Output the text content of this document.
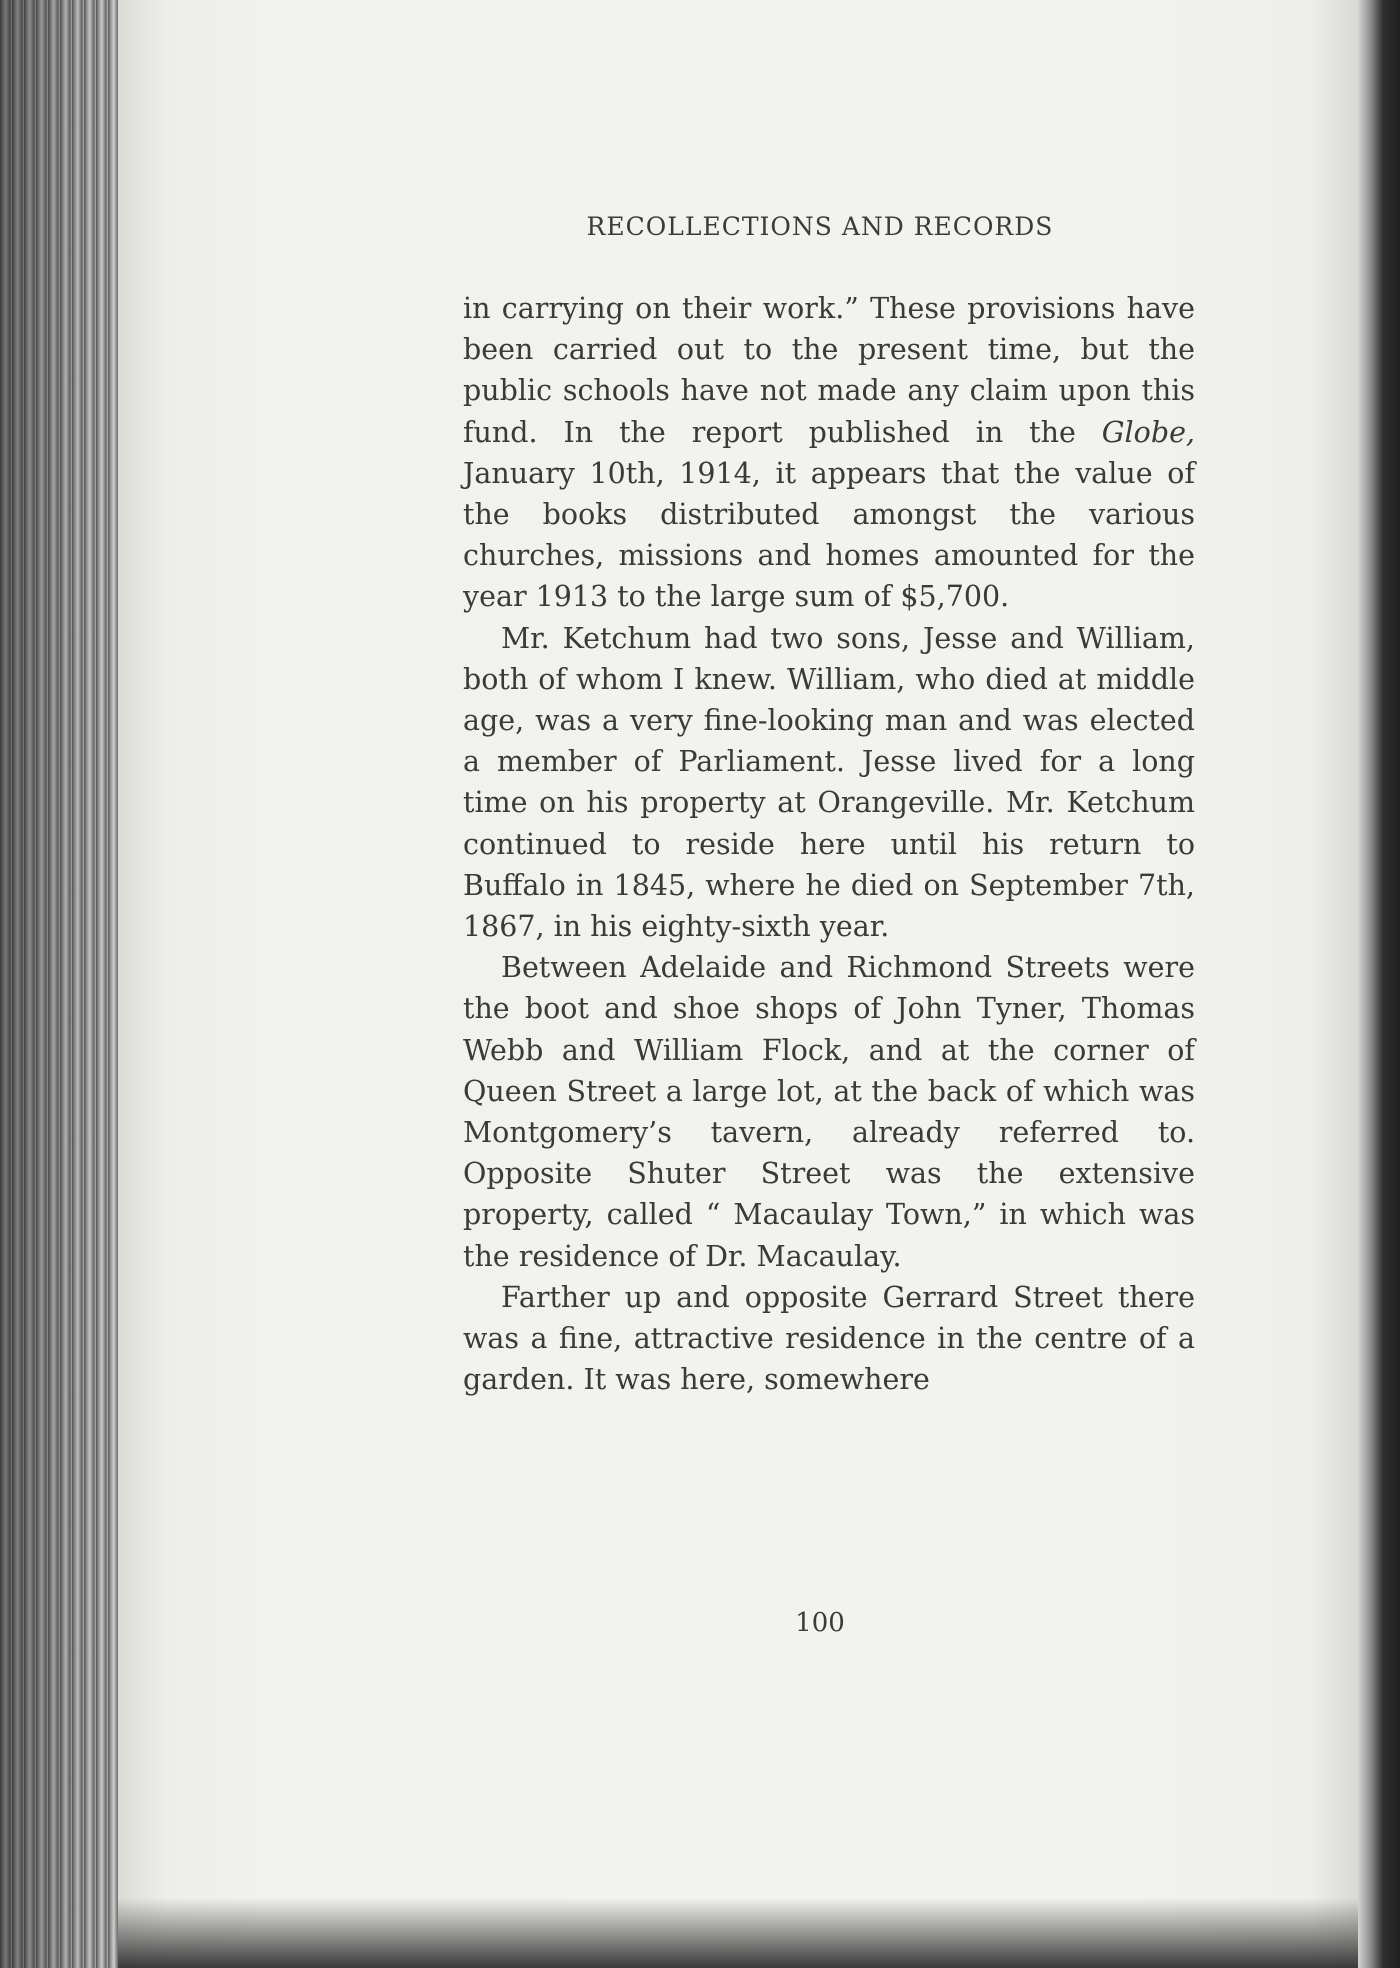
RECOLLECTIONS AND RECORDS

in carrying on their work.” These provisions have been carried out to the present time, but the public schools have not made any claim upon this fund. In the report published in the Globe, January 10th, 1914, it appears that the value of the books distributed amongst the various churches, missions and homes amounted for the year 1913 to the large sum of $5,700.

Mr. Ketchum had two sons, Jesse and William, both of whom I knew. William, who died at middle age, was a very fine-looking man and was elected a member of Parliament. Jesse lived for a long time on his property at Orangeville. Mr. Ketchum continued to reside here until his return to Buffalo in 1845, where he died on September 7th, 1867, in his eighty-sixth year.

Between Adelaide and Richmond Streets were the boot and shoe shops of John Tyner, Thomas Webb and William Flock, and at the corner of Queen Street a large lot, at the back of which was Montgomery’s tavern, already referred to. Opposite Shuter Street was the extensive property, called “ Macaulay Town,” in which was the residence of Dr. Macaulay.

Farther up and opposite Gerrard Street there was a fine, attractive residence in the centre of a garden. It was here, somewhere

100
